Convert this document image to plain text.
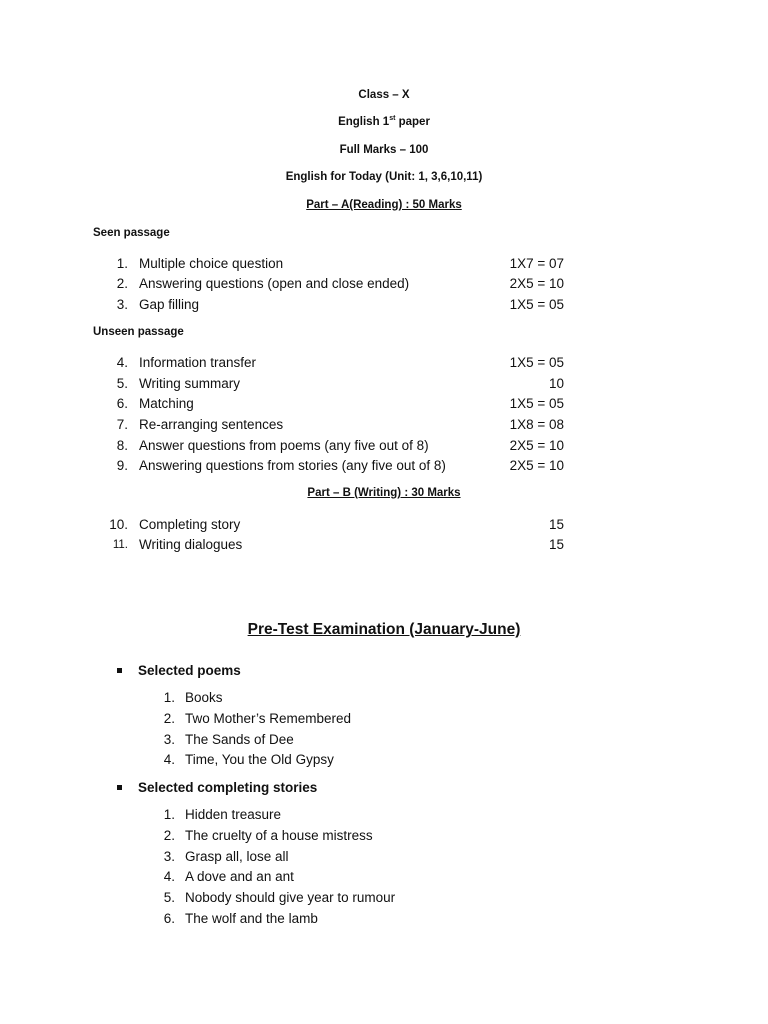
Class – X
English 1st paper
Full Marks – 100
English for Today (Unit: 1, 3,6,10,11)
Part – A(Reading) : 50 Marks
Seen passage
1. Multiple choice question	1X7 = 07
2. Answering questions (open and close ended)	2X5 = 10
3. Gap filling	1X5 = 05
Unseen passage
4. Information transfer	1X5 = 05
5. Writing summary	10
6. Matching	1X5 = 05
7. Re-arranging sentences	1X8 = 08
8. Answer questions from poems (any five out of 8)	2X5 = 10
9. Answering questions from stories (any five out of 8)	2X5 = 10
Part – B (Writing) : 30 Marks
10. Completing story	15
11. Writing dialogues	15
Pre-Test Examination (January-June)
Selected poems
1. Books
2. Two Mother’s Remembered
3. The Sands of Dee
4. Time, You the Old Gypsy
Selected completing stories
1. Hidden treasure
2. The cruelty of a house mistress
3. Grasp all, lose all
4. A dove and an ant
5. Nobody should give year to rumour
6. The wolf and the lamb
